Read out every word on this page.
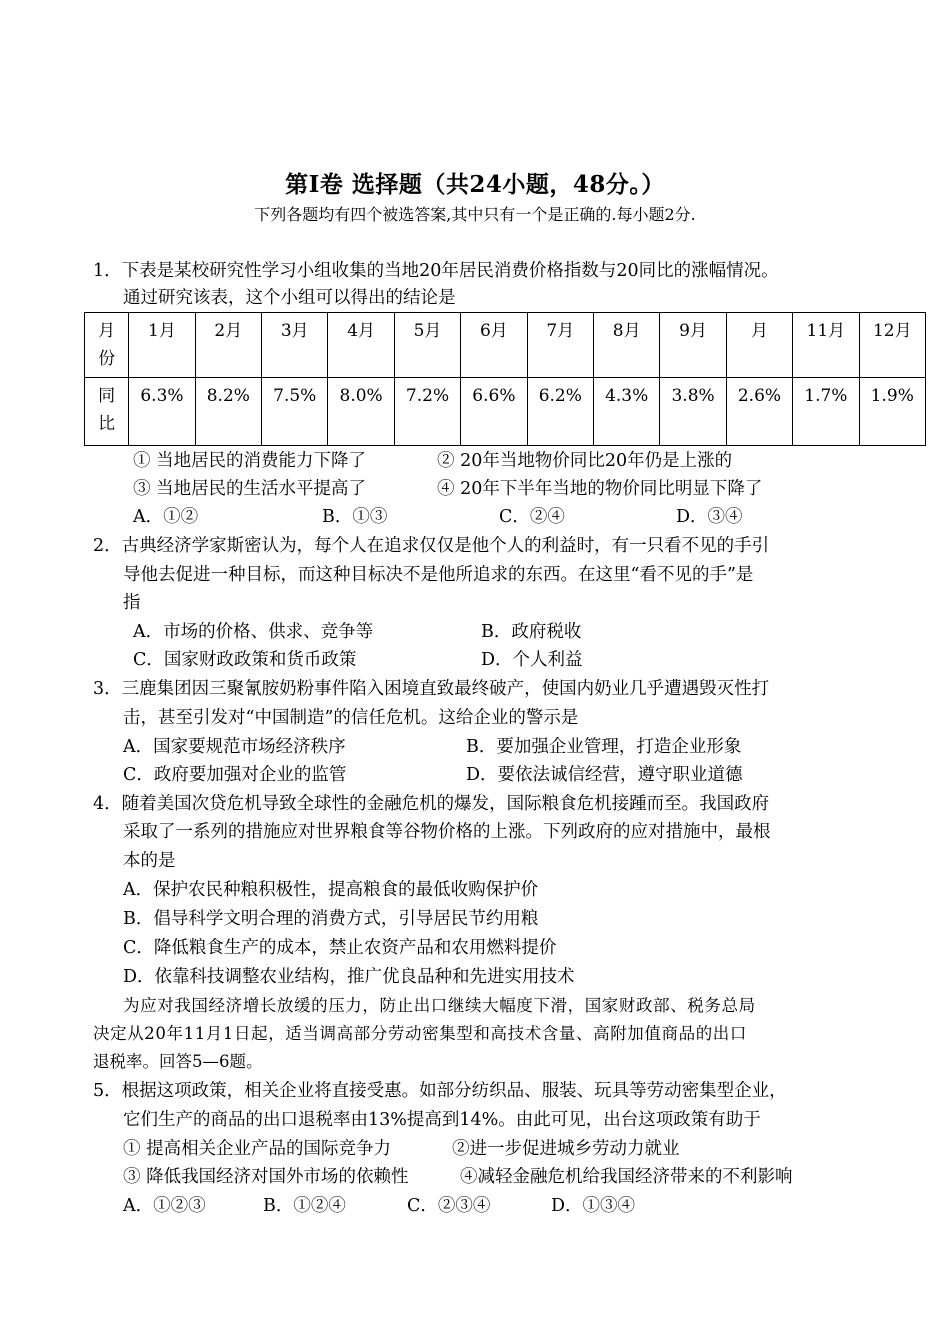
第Ⅰ卷 选择题（共24小题，48分。）
下列各题均有四个被选答案,其中只有一个是正确的.每小题2分.
1．下表是某校研究性学习小组收集的当地20年居民消费价格指数与20同比的涨幅情况。
通过研究该表，这个小组可以得出的结论是
月
份	1月	2月	3月	4月	5月	6月	7月	8月	9月	月	11月	12月

同
比	6.3%	8.2%	7.5%	8.0%	7.2%	6.6%	6.2%	4.3%	3.8%	2.6%	1.7%	1.9%
① 当地居民的消费能力下降了	② 20年当地物价同比20年仍是上涨的
③ 当地居民的生活水平提高了	④ 20年下半年当地的物价同比明显下降了
A．①②	B．①③	C．②④	D．③④
2．古典经济学家斯密认为，每个人在追求仅仅是他个人的利益时，有一只看不见的手引
导他去促进一种目标，而这种目标决不是他所追求的东西。在这里“看不见的手”是
指
A．市场的价格、供求、竞争等	B．政府税收
C．国家财政政策和货币政策	D．个人利益
3．三鹿集团因三聚氰胺奶粉事件陷入困境直致最终破产，使国内奶业几乎遭遇毁灭性打
击，甚至引发对“中国制造”的信任危机。这给企业的警示是
A．国家要规范市场经济秩序	B．要加强企业管理，打造企业形象
C．政府要加强对企业的监管	D．要依法诚信经营，遵守职业道德
4．随着美国次贷危机导致全球性的金融危机的爆发，国际粮食危机接踵而至。我国政府
采取了一系列的措施应对世界粮食等谷物价格的上涨。下列政府的应对措施中，最根
本的是
A．保护农民种粮积极性，提高粮食的最低收购保护价
B．倡导科学文明合理的消费方式，引导居民节约用粮
C．降低粮食生产的成本，禁止农资产品和农用燃料提价
D．依靠科技调整农业结构，推广优良品种和先进实用技术
为应对我国经济增长放缓的压力，防止出口继续大幅度下滑，国家财政部、税务总局
决定从20年11月1日起，适当调高部分劳动密集型和高技术含量、高附加值商品的出口
退税率。回答5—6题。
5．根据这项政策，相关企业将直接受惠。如部分纺织品、服装、玩具等劳动密集型企业，
它们生产的商品的出口退税率由13%提高到14%。由此可见，出台这项政策有助于
① 提高相关企业产品的国际竞争力	②进一步促进城乡劳动力就业
③ 降低我国经济对国外市场的依赖性	④减轻金融危机给我国经济带来的不利影响
A．①②③	B．①②④	C．②③④	D．①③④
